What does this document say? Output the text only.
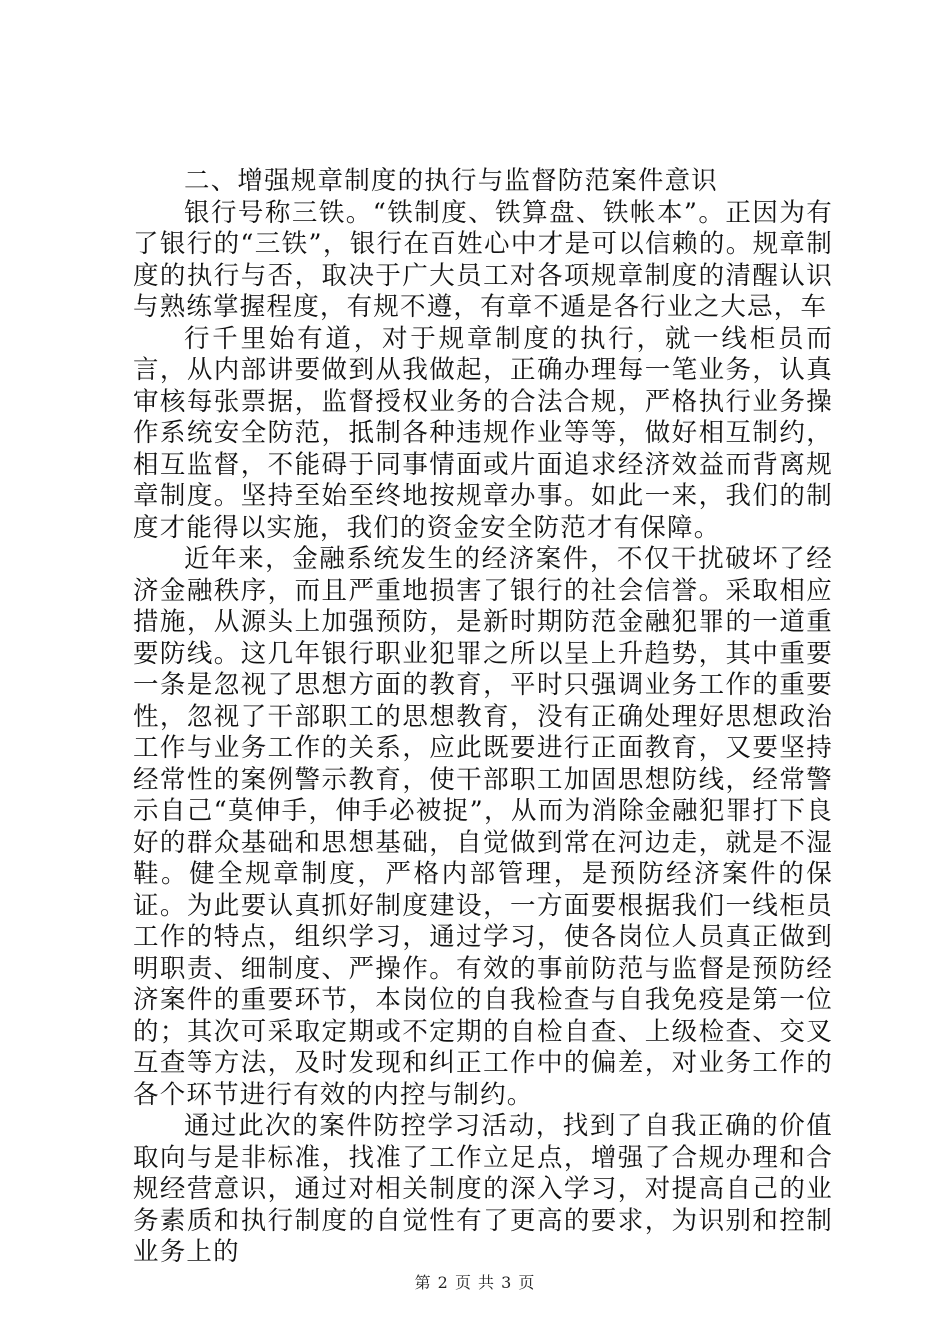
二、增强规章制度的执行与监督防范案件意识

银行号称三铁。“铁制度、铁算盘、铁帐本”。正因为有了银行的“三铁”，银行在百姓心中才是可以信赖的。规章制度的执行与否，取决于广大员工对各项规章制度的清醒认识与熟练掌握程度，有规不遵，有章不遁是各行业之大忌，车

行千里始有道，对于规章制度的执行，就一线柜员而言，从内部讲要做到从我做起，正确办理每一笔业务，认真审核每张票据，监督授权业务的合法合规，严格执行业务操作系统安全防范，抵制各种违规作业等等，做好相互制约，相互监督，不能碍于同事情面或片面追求经济效益而背离规章制度。坚持至始至终地按规章办事。如此一来，我们的制度才能得以实施，我们的资金安全防范才有保障。

近年来，金融系统发生的经济案件，不仅干扰破坏了经济金融秩序，而且严重地损害了银行的社会信誉。采取相应措施，从源头上加强预防，是新时期防范金融犯罪的一道重要防线。这几年银行职业犯罪之所以呈上升趋势，其中重要一条是忽视了思想方面的教育，平时只强调业务工作的重要性，忽视了干部职工的思想教育，没有正确处理好思想政治工作与业务工作的关系，应此既要进行正面教育，又要坚持经常性的案例警示教育，使干部职工加固思想防线，经常警示自己“莫伸手，伸手必被捉”，从而为消除金融犯罪打下良好的群众基础和思想基础，自觉做到常在河边走，就是不湿鞋。健全规章制度，严格内部管理，是预防经济案件的保证。为此要认真抓好制度建设，一方面要根据我们一线柜员工作的特点，组织学习，通过学习，使各岗位人员真正做到明职责、细制度、严操作。有效的事前防范与监督是预防经济案件的重要环节，本岗位的自我检查与自我免疫是第一位的；其次可采取定期或不定期的自检自查、上级检查、交叉互查等方法，及时发现和纠正工作中的偏差，对业务工作的各个环节进行有效的内控与制约。

通过此次的案件防控学习活动，找到了自我正确的价值取向与是非标准，找准了工作立足点，增强了合规办理和合规经营意识，通过对相关制度的深入学习，对提高自己的业务素质和执行制度的自觉性有了更高的要求，为识别和控制业务上的

第 2 页 共 3 页
